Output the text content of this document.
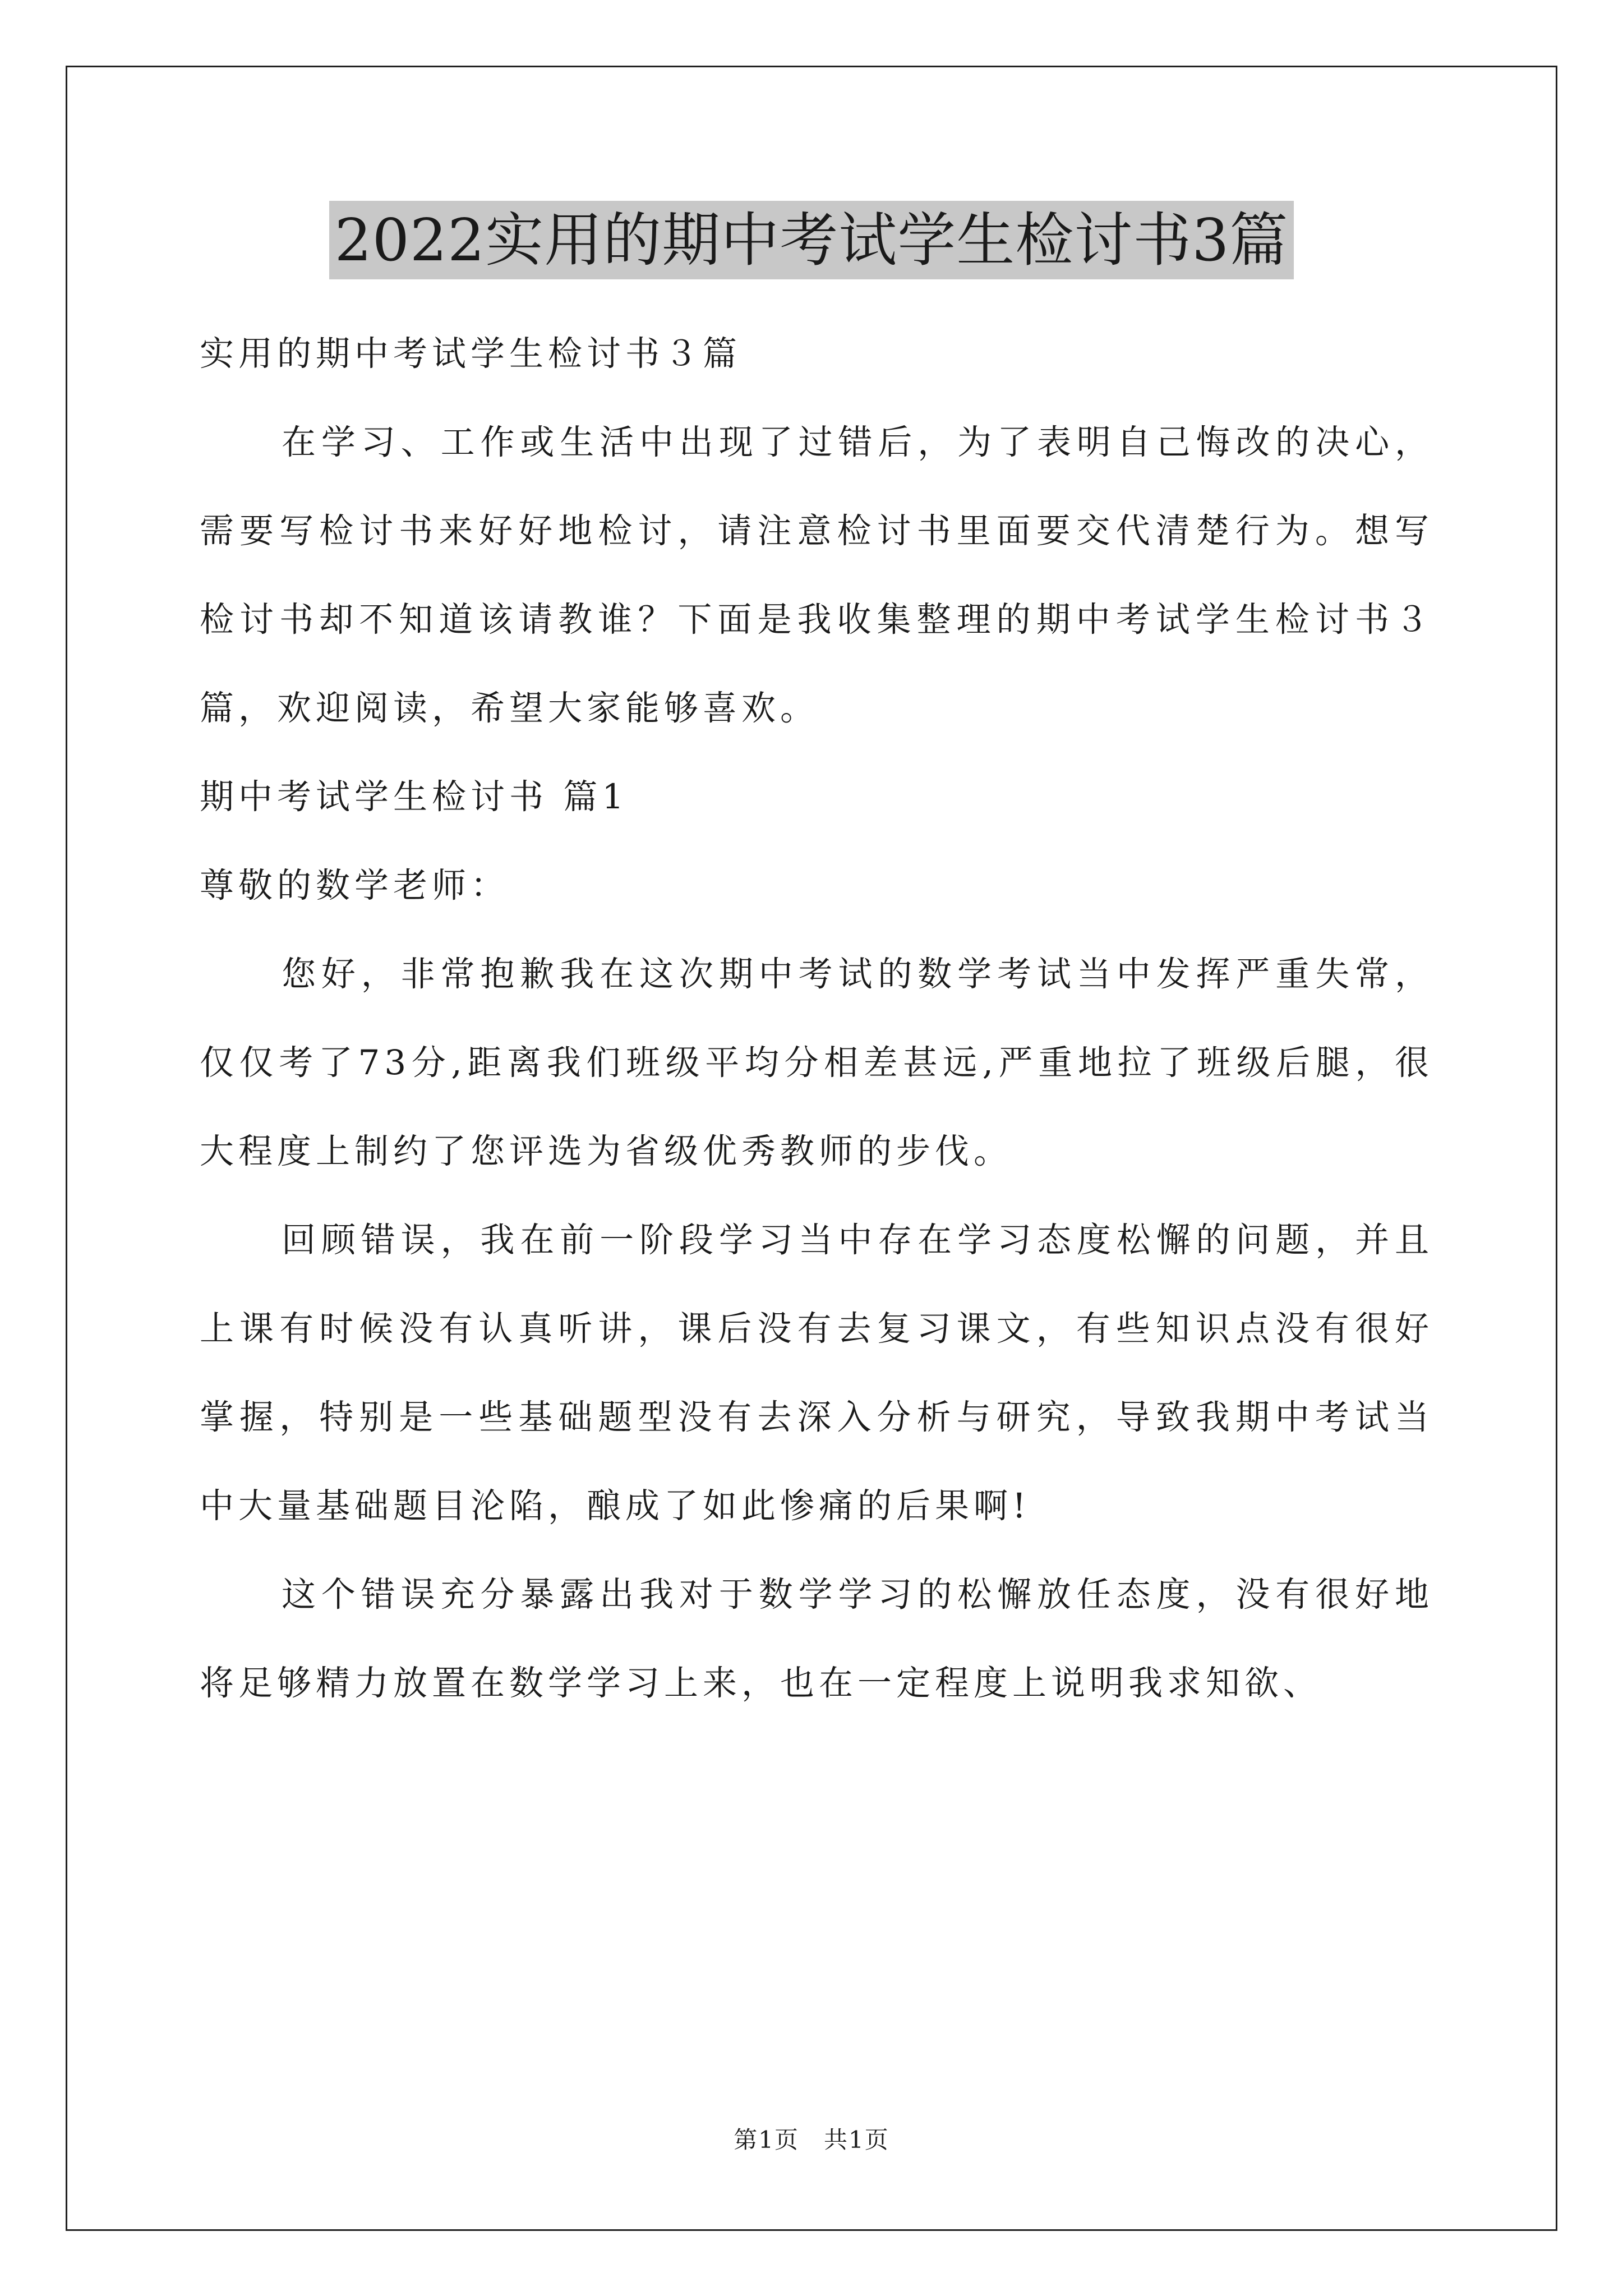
2022实用的期中考试学生检讨书3篇

实用的期中考试学生检讨书３篇

在学习、工作或生活中出现了过错后，为了表明自己悔改的决心，需要写检讨书来好好地检讨，请注意检讨书里面要交代清楚行为。想写检讨书却不知道该请教谁？下面是我收集整理的期中考试学生检讨书３篇，欢迎阅读，希望大家能够喜欢。

期中考试学生检讨书 篇1

尊敬的数学老师：

您好，非常抱歉我在这次期中考试的数学考试当中发挥严重失常，仅仅考了73分,距离我们班级平均分相差甚远,严重地拉了班级后腿，很大程度上制约了您评选为省级优秀教师的步伐。

回顾错误，我在前一阶段学习当中存在学习态度松懈的问题，并且上课有时候没有认真听讲，课后没有去复习课文，有些知识点没有很好掌握，特别是一些基础题型没有去深入分析与研究，导致我期中考试当中大量基础题目沦陷，酿成了如此惨痛的后果啊!

这个错误充分暴露出我对于数学学习的松懈放任态度，没有很好地将足够精力放置在数学学习上来，也在一定程度上说明我求知欲、

第1页　共1页
